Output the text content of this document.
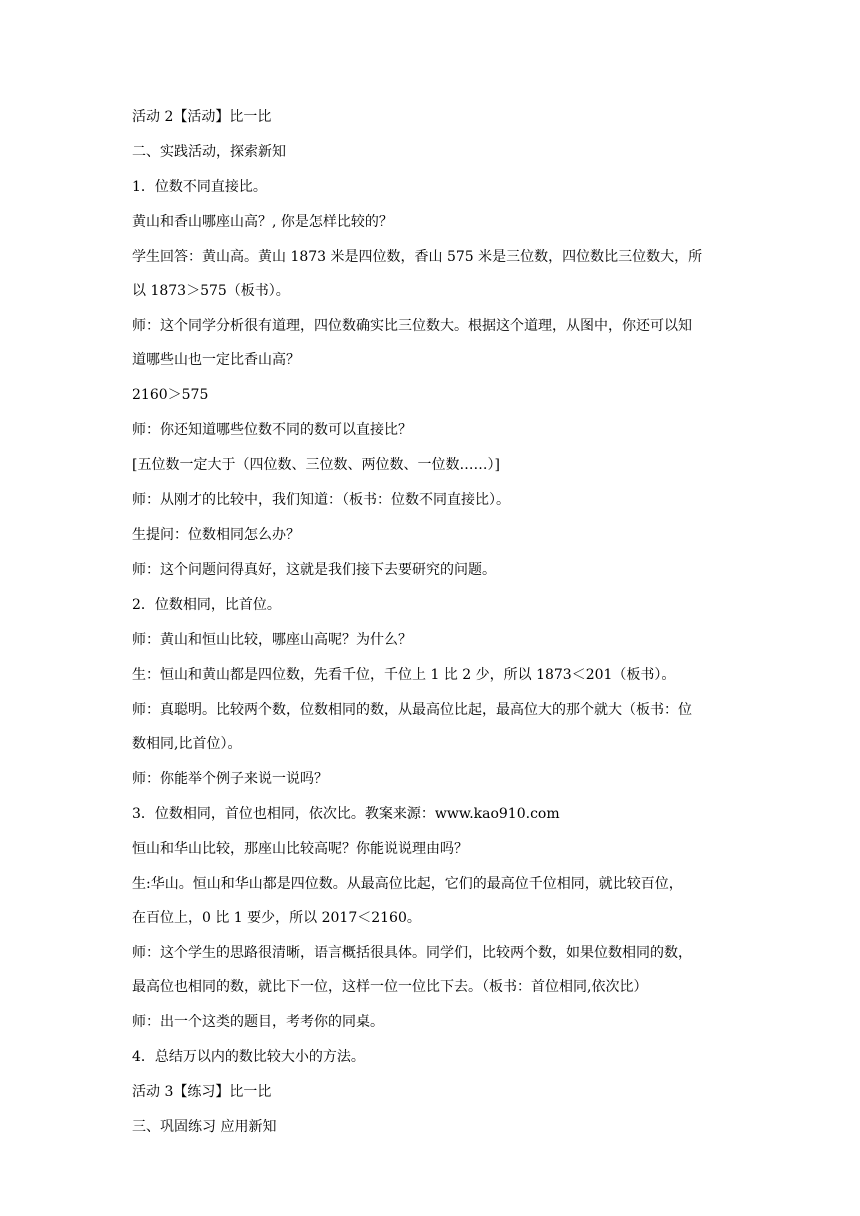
活动 2【活动】比一比

二、实践活动，探索新知

1．位数不同直接比。

黄山和香山哪座山高？, 你是怎样比较的？

学生回答：黄山高。黄山 1873 米是四位数，香山 575 米是三位数，四位数比三位数大，所
以 1873＞575（板书）。
师：这个同学分析很有道理，四位数确实比三位数大。根据这个道理，从图中，你还可以知
道哪些山也一定比香山高？

2160＞575

师：你还知道哪些位数不同的数可以直接比？

[五位数一定大于（四位数、三位数、两位数、一位数……）]

师：从刚才的比较中，我们知道：（板书：位数不同直接比）。

生提问：位数相同怎么办？

师：这个问题问得真好，这就是我们接下去要研究的问题。

2．位数相同，比首位。

师：黄山和恒山比较，哪座山高呢？为什么？

生：恒山和黄山都是四位数，先看千位，千位上 1 比 2 少，所以 1873＜201（板书）。

师：真聪明。比较两个数，位数相同的数，从最高位比起，最高位大的那个就大（板书：位
数相同,比首位）。

师：你能举个例子来说一说吗？

3．位数相同，首位也相同，依次比。教案来源：www.kao910.com

恒山和华山比较，那座山比较高呢？你能说说理由吗？

生:华山。恒山和华山都是四位数。从最高位比起，它们的最高位千位相同，就比较百位，
在百位上，0 比 1 要少，所以 2017＜2160。
师：这个学生的思路很清晰，语言概括很具体。同学们，比较两个数，如果位数相同的数，
最高位也相同的数，就比下一位，这样一位一位比下去。（板书：首位相同,依次比）

师：出一个这类的题目，考考你的同桌。

4．总结万以内的数比较大小的方法。

活动 3【练习】比一比

三、巩固练习 应用新知
